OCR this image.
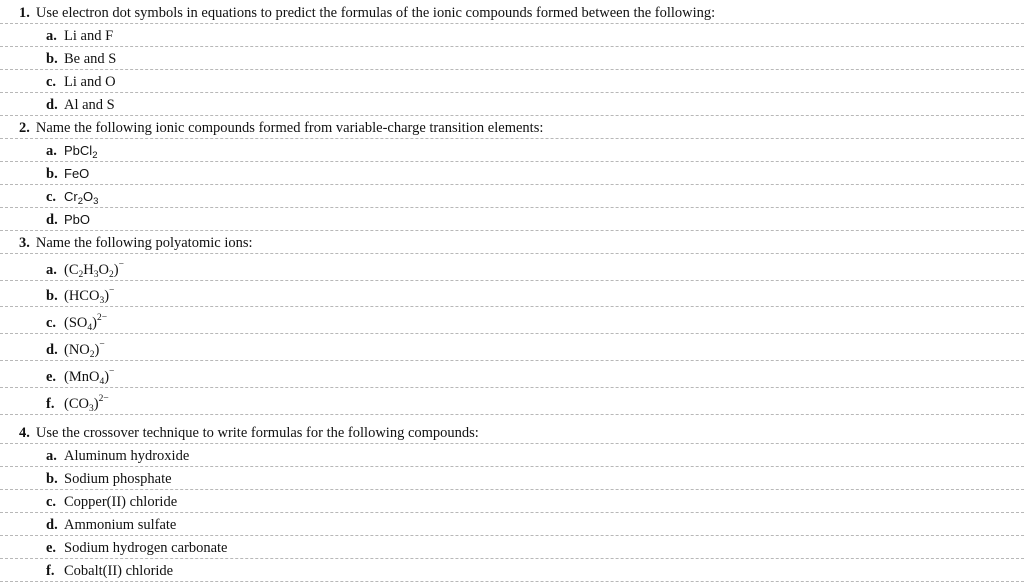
1. Use electron dot symbols in equations to predict the formulas of the ionic compounds formed between the following:
a. Li and F
b. Be and S
c. Li and O
d. Al and S
2. Name the following ionic compounds formed from variable-charge transition elements:
a. PbCl$_2$
b. FeO
c. $Cr_2O_3$
d. PbO
3. Name the following polyatomic ions:
a. $(C_2H_3O_2)^-$
b. $(HCO_3)^-$
c. $(SO_4)^{2-}$
d. $(NO_2)^-$
e. (MnO$_4$)−
f. $(CO_3)^{2-}$
4. Use the crossover technique to write formulas for the following compounds:
a. Aluminum hydroxide
b. Sodium phosphate
c. Copper(II) chloride
d. Ammonium sulfate
e. Sodium hydrogen carbonate
f. Cobalt(II) chloride
